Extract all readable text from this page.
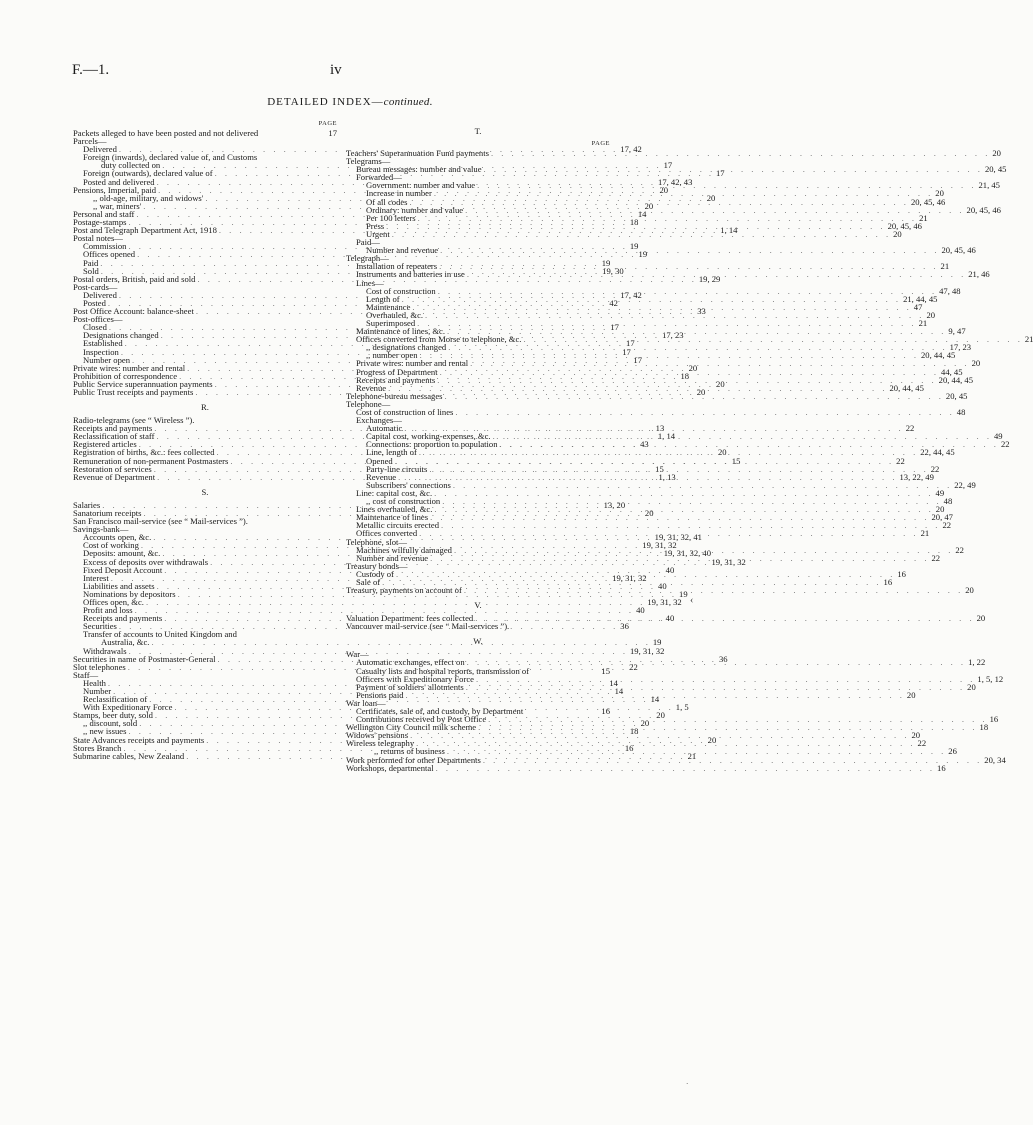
F.—1.	iv
DETAILED INDEX—continued.
PAGE
Packets alleged to have been posted and not delivered	17
Parcels—
Delivered . . .	17, 42
Foreign (inwards), declared value of, and Customs
duty collected on . . .	17
Foreign (outwards), declared value of . . .	17
Posted and delivered . . .	17, 42, 43
Pensions, Imperial, paid . . .	20
,, old-age, military, and widows' . . .	20
,, war, miners' . . .	20
Personal and staff . . .	14
Postage-stamps . . .	18
Post and Telegraph Department Act, 1918 . . .	1, 14
Postal notes—
Commission . . .	19
Offices opened . . .	19
Paid . . .	19
Sold . . .	19, 30
Postal orders, British, paid and sold . . .	19, 29
Post-cards—
Delivered . . .	17, 42
Posted . . .	42
Post Office Account: balance-sheet . . .	33
Post-offices—
Closed . . .	17
Designations changed . . .	17, 23
Established . . .	17
Inspection . . .	17
Number open . . .	17
Private wires: number and rental . . .	20
Prohibition of correspondence . . .	18
Public Service superannuation payments . . .	20
Public Trust receipts and payments . . .	20
R.
Radio-telegrams (see “ Wireless ”).
Receipts and payments . . .	13
Reclassification of staff . . .	1, 14
Registered articles . . .	43
Registration of births, &c.: fees collected . . .	20
Remuneration of non-permanent Postmasters . . .	15
Restoration of services . . .	15
Revenue of Department . . .	1, 13
S.
Salaries . . .	13, 20
Sanatorium receipts . . .	20
San Francisco mail-service (see “ Mail-services ”).
Savings-bank—
Accounts open, &c. . . .	19, 31, 32, 41
Cost of working . . .	19, 31, 32
Deposits: amount, &c. . . .	19, 31, 32, 40
Excess of deposits over withdrawals . . .	19, 31, 32
Fixed Deposit Account . . .	40
Interest . . .	19, 31, 32
Liabilities and assets . . .	40
Nominations by depositors . . .	19
Offices open, &c. . . .	19, 31, 32
Profit and loss . . .	40
Receipts and payments . . .	40
Securities . . .	36
Transfer of accounts to United Kingdom and
Australia, &c. . . .	19
Withdrawals . . .	19, 31, 32
Securities in name of Postmaster-General . . .	36
Slot telephones . . .	22
Staff—
Health . . .	14
Number . . .	14
Reclassification of . . .	14
With Expeditionary Force . . .	1, 5
Stamps, beer duty, sold . . .	20
,, discount, sold . . .	20
,, new issues . . .	18
State Advances receipts and payments . . .	20
Stores Branch . . .	16
Submarine cables, New Zealand . . .	21
T.
PAGE
Teachers' Superannuation Fund payments . . .	20
Telegrams—
Bureau messages: number and value . . .	20, 45
Forwarded—
Government: number and value . . .	21, 45
Increase in number . . .	20
Of all codes . . .	20, 45, 46
Ordinary: number and value . . .	20, 45, 46
Per 100 letters . . .	21
Press . . .	20, 45, 46
Urgent . . .	20
Paid—
Number and revenue . . .	20, 45, 46
Telegraph—
Installation of repeaters . . .	21
Instruments and batteries in use . . .	21, 46
Lines—
Cost of construction . . .	47, 48
Length of . . .	21, 44, 45
Maintenance . . .	47
Overhauled, &c. . . .	20
Superimposed . . .	21
Maintenance of lines, &c. . . .	9, 47
Offices converted from Morse to telephone, &c. . . .	21
,, designations changed . . .	17, 23
,, number open . . .	20, 44, 45
Private wires: number and rental . . .	20
Progress of Department . . .	44, 45
Receipts and payments . . .	20, 44, 45
Revenue . . .	20, 44, 45
Telephone-bureau messages . . .	20, 45
Telephone—
Cost of construction of lines . . .	48
Exchanges—
Automatic . . .	22
Capital cost, working-expenses, &c. . . .	49
Connections: proportion to population . . .	22
Line, length of . . .	22, 44, 45
Opened . . .	22
Party-line circuits . . .	22
Revenue . . .	13, 22, 49
Subscribers' connections . . .	22, 49
Line: capital cost, &c. . . .	49
,, cost of construction . . .	48
Lines overhauled, &c. . . .	20
Maintenance of lines . . .	20, 47
Metallic circuits erected . . .	22
Offices converted . . .	21
Telephone, slot—
Machines wilfully damaged . . .	22
Number and revenue . . .	22
Treasury bonds—
Custody of . . .	16
Sale of . . .	16
Treasury, payments on account of . . .	20
V.
Valuation Department: fees collected . . .	20
Vancouver mail-service (see “ Mail-services ”).
W.
War—
Automatic exchanges, effect on . . .	1, 22
Casualty lists and hospital reports, transmission of	15
Officers with Expeditionary Force . . .	1, 5, 12
Payment of soldiers' allotments . . .	20
Pensions paid . . .	20
War loan—
Certificates, sale of, and custody, by Department	16
Contributions received by Post Office . . .	16
Wellington City Council milk scheme . . .	18
Widows' pensions . . .	20
Wireless telegraphy . . .	22
,, returns of business . . .	26
Work performed for other Departments . . .	20, 34
Workshops, departmental . . .	16
‹
·
